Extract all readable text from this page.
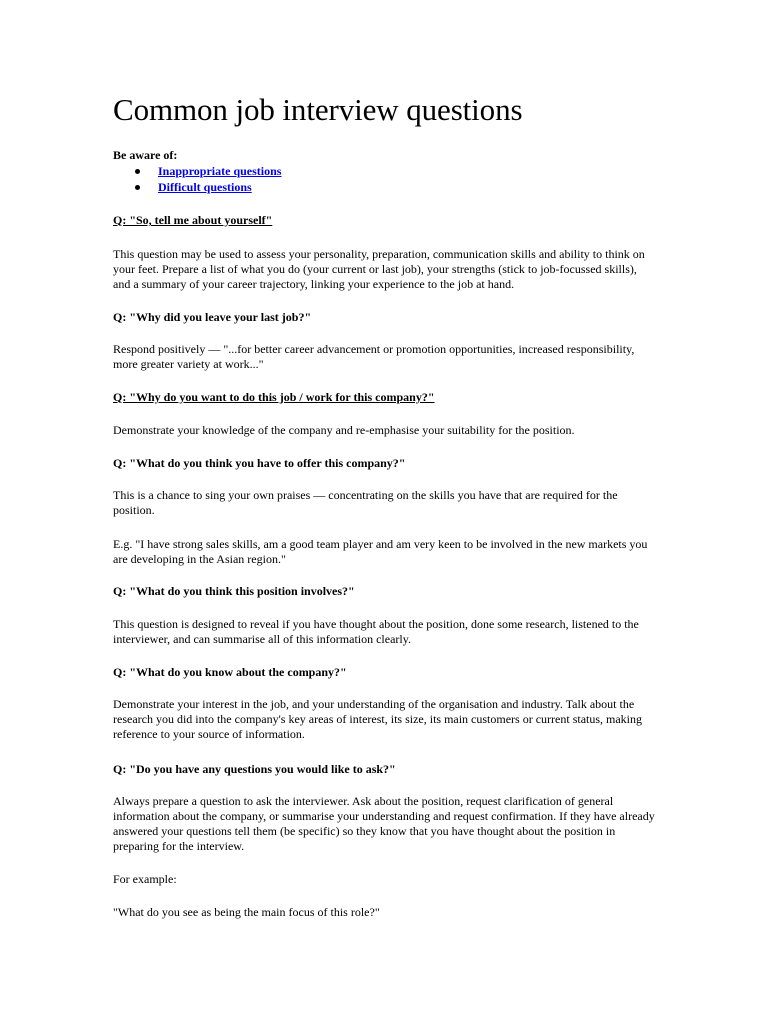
Common job interview questions
Be aware of:
Inappropriate questions
Difficult questions
Q: "So, tell me about yourself"

This question may be used to assess your personality, preparation, communication skills and ability to think on your feet. Prepare a list of what you do (your current or last job), your strengths (stick to job-focussed skills), and a summary of your career trajectory, linking your experience to the job at hand.

Q: "Why did you leave your last job?"

Respond positively — "...for better career advancement or promotion opportunities, increased responsibility, more greater variety at work..."

Q: "Why do you want to do this job / work for this company?"

Demonstrate your knowledge of the company and re-emphasise your suitability for the position.

Q: "What do you think you have to offer this company?"

This is a chance to sing your own praises — concentrating on the skills you have that are required for the position.

E.g. "I have strong sales skills, am a good team player and am very keen to be involved in the new markets you are developing in the Asian region."

Q: "What do you think this position involves?"

This question is designed to reveal if you have thought about the position, done some research, listened to the interviewer, and can summarise all of this information clearly.

Q: "What do you know about the company?"

Demonstrate your interest in the job, and your understanding of the organisation and industry. Talk about the research you did into the company's key areas of interest, its size, its main customers or current status, making reference to your source of information.

Q: "Do you have any questions you would like to ask?"

Always prepare a question to ask the interviewer. Ask about the position, request clarification of general information about the company, or summarise your understanding and request confirmation. If they have already answered your questions tell them (be specific) so they know that you have thought about the position in preparing for the interview.

For example:

"What do you see as being the main focus of this role?"
